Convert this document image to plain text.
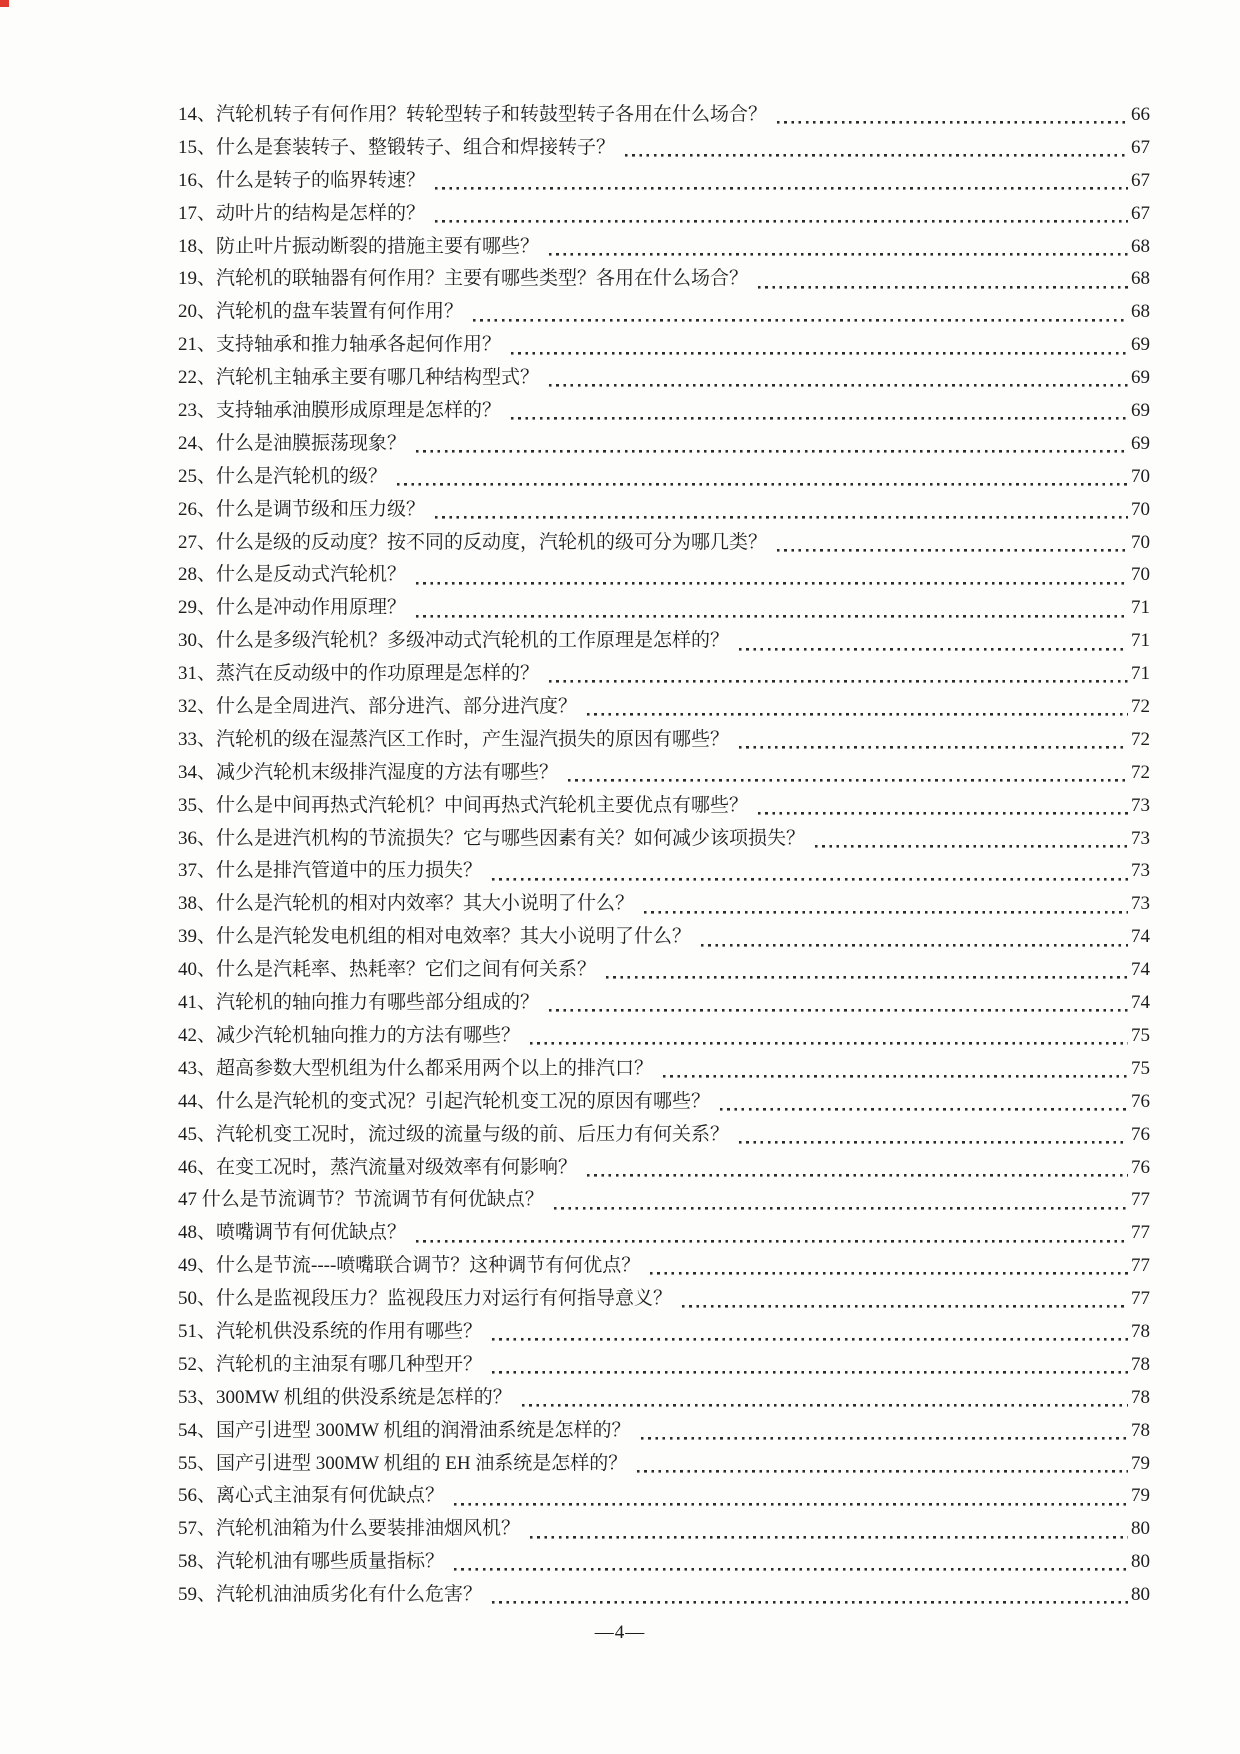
14、汽轮机转子有何作用？转轮型转子和转鼓型转子各用在什么场合？	66
15、什么是套装转子、整锻转子、组合和焊接转子？	67
16、什么是转子的临界转速？	67
17、动叶片的结构是怎样的？	67
18、防止叶片振动断裂的措施主要有哪些？	68
19、汽轮机的联轴器有何作用？主要有哪些类型？各用在什么场合？	68
20、汽轮机的盘车装置有何作用？	68
21、支持轴承和推力轴承各起何作用？	69
22、汽轮机主轴承主要有哪几种结构型式？	69
23、支持轴承油膜形成原理是怎样的？	69
24、什么是油膜振荡现象？	69
25、什么是汽轮机的级？	70
26、什么是调节级和压力级？	70
27、什么是级的反动度？按不同的反动度，汽轮机的级可分为哪几类？	70
28、什么是反动式汽轮机？	70
29、什么是冲动作用原理？	71
30、什么是多级汽轮机？多级冲动式汽轮机的工作原理是怎样的？	71
31、蒸汽在反动级中的作功原理是怎样的？	71
32、什么是全周进汽、部分进汽、部分进汽度？	72
33、汽轮机的级在湿蒸汽区工作时，产生湿汽损失的原因有哪些？	72
34、减少汽轮机末级排汽湿度的方法有哪些？	72
35、什么是中间再热式汽轮机？中间再热式汽轮机主要优点有哪些？	73
36、什么是进汽机构的节流损失？它与哪些因素有关？如何减少该项损失？	73
37、什么是排汽管道中的压力损失？	73
38、什么是汽轮机的相对内效率？其大小说明了什么？	73
39、什么是汽轮发电机组的相对电效率？其大小说明了什么？	74
40、什么是汽耗率、热耗率？它们之间有何关系？	74
41、汽轮机的轴向推力有哪些部分组成的？	74
42、减少汽轮机轴向推力的方法有哪些？	75
43、超高参数大型机组为什么都采用两个以上的排汽口？	75
44、什么是汽轮机的变式况？引起汽轮机变工况的原因有哪些？	76
45、汽轮机变工况时，流过级的流量与级的前、后压力有何关系？	76
46、在变工况时，蒸汽流量对级效率有何影响？	76
47 什么是节流调节？节流调节有何优缺点？	77
48、喷嘴调节有何优缺点？	77
49、什么是节流----喷嘴联合调节？这种调节有何优点？	77
50、什么是监视段压力？监视段压力对运行有何指导意义？	77
51、汽轮机供没系统的作用有哪些？	78
52、汽轮机的主油泵有哪几种型开？	78
53、300MW 机组的供没系统是怎样的？	78
54、国产引进型 300MW 机组的润滑油系统是怎样的？	78
55、国产引进型 300MW 机组的 EH 油系统是怎样的？	79
56、离心式主油泵有何优缺点？	79
57、汽轮机油箱为什么要装排油烟风机？	80
58、汽轮机油有哪些质量指标？	80
59、汽轮机油油质劣化有什么危害？	80
—4—
